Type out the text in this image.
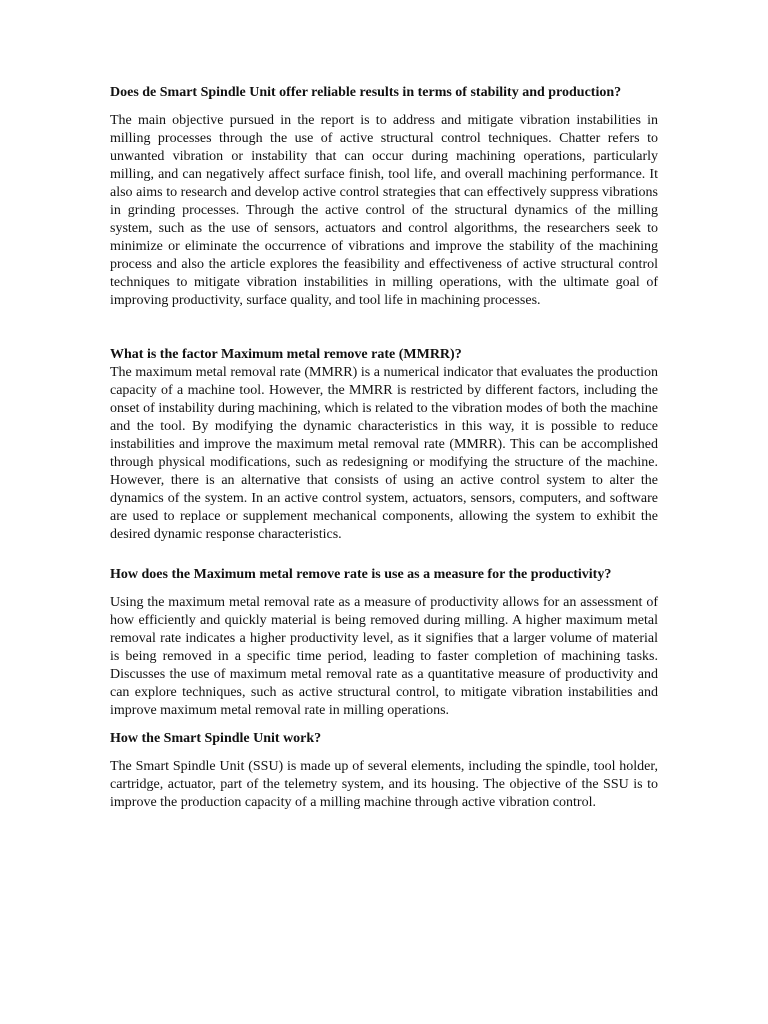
Does de Smart Spindle Unit offer reliable results in terms of stability and production?

The main objective pursued in the report is to address and mitigate vibration instabilities in milling processes through the use of active structural control techniques. Chatter refers to unwanted vibration or instability that can occur during machining operations, particularly milling, and can negatively affect surface finish, tool life, and overall machining performance. It also aims to research and develop active control strategies that can effectively suppress vibrations in grinding processes. Through the active control of the structural dynamics of the milling system, such as the use of sensors, actuators and control algorithms, the researchers seek to minimize or eliminate the occurrence of vibrations and improve the stability of the machining process and also the article explores the feasibility and effectiveness of active structural control techniques to mitigate vibration instabilities in milling operations, with the ultimate goal of improving productivity, surface quality, and tool life in machining processes.

What is the factor Maximum metal remove rate (MMRR)?

The maximum metal removal rate (MMRR) is a numerical indicator that evaluates the production capacity of a machine tool. However, the MMRR is restricted by different factors, including the onset of instability during machining, which is related to the vibration modes of both the machine and the tool. By modifying the dynamic characteristics in this way, it is possible to reduce instabilities and improve the maximum metal removal rate (MMRR). This can be accomplished through physical modifications, such as redesigning or modifying the structure of the machine. However, there is an alternative that consists of using an active control system to alter the dynamics of the system. In an active control system, actuators, sensors, computers, and software are used to replace or supplement mechanical components, allowing the system to exhibit the desired dynamic response characteristics.

How does the Maximum metal remove rate is use as a measure for the productivity?

Using the maximum metal removal rate as a measure of productivity allows for an assessment of how efficiently and quickly material is being removed during milling. A higher maximum metal removal rate indicates a higher productivity level, as it signifies that a larger volume of material is being removed in a specific time period, leading to faster completion of machining tasks. Discusses the use of maximum metal removal rate as a quantitative measure of productivity and can explore techniques, such as active structural control, to mitigate vibration instabilities and improve maximum metal removal rate in milling operations.

How the Smart Spindle Unit work?

The Smart Spindle Unit (SSU) is made up of several elements, including the spindle, tool holder, cartridge, actuator, part of the telemetry system, and its housing. The objective of the SSU is to improve the production capacity of a milling machine through active vibration control.
